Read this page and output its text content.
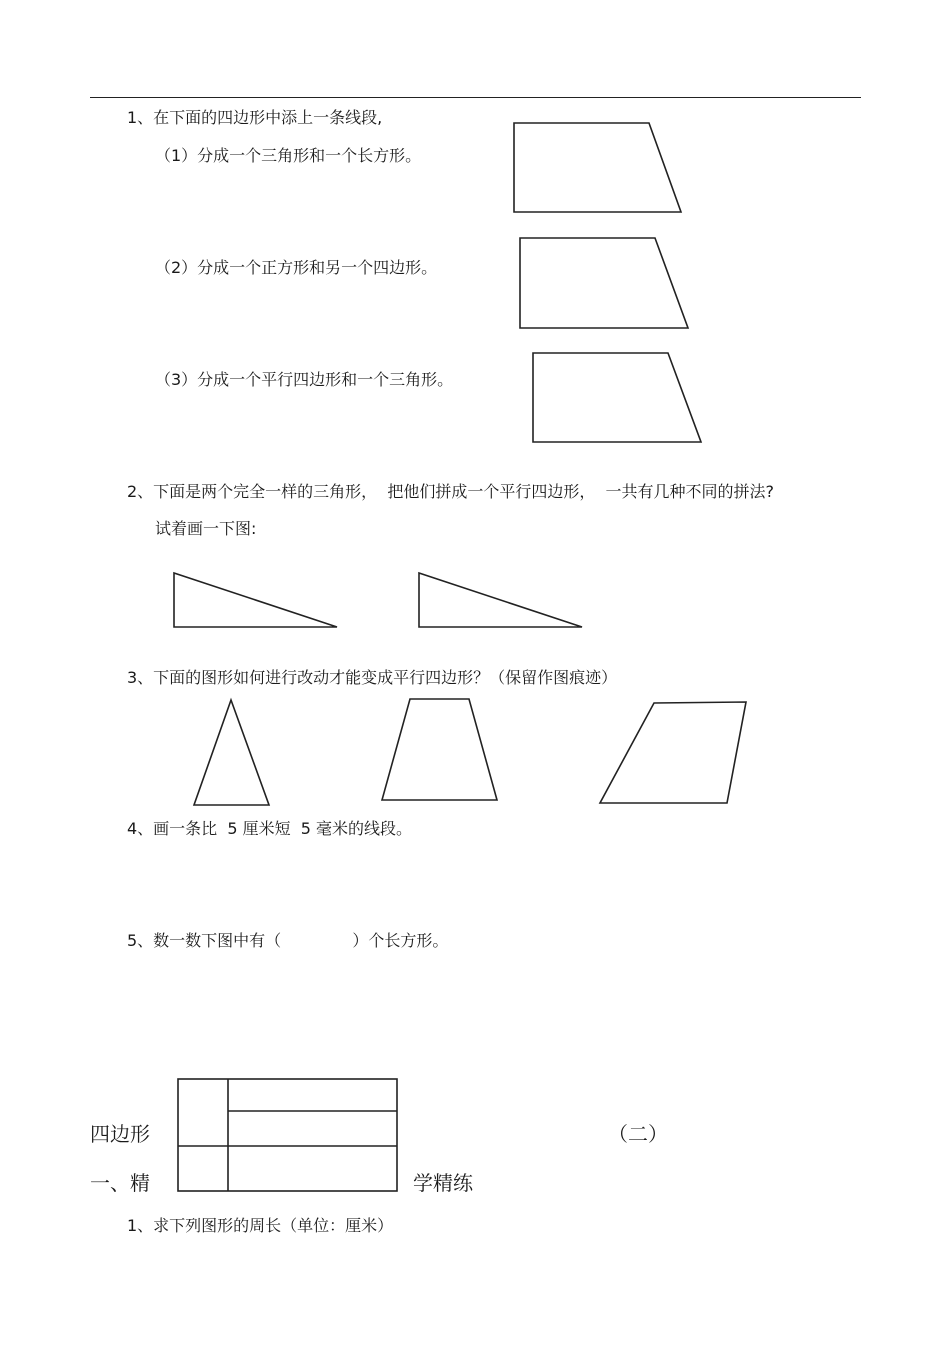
1、在下面的四边形中添上一条线段,
（1）分成一个三角形和一个长方形。
（2）分成一个正方形和另一个四边形。
（3）分成一个平行四边形和一个三角形。
2、下面是两个完全一样的三角形，  把他们拼成一个平行四边形，  一共有几种不同的拼法?
试着画一下图:
3、下面的图形如何进行改动才能变成平行四边形？（保留作图痕迹）
4、画一条比  5 厘米短  5 毫米的线段。
5、数一数下图中有（              ）个长方形。
四边形	（二）
一、精	学精练
1、求下列图形的周长（单位：厘米）
